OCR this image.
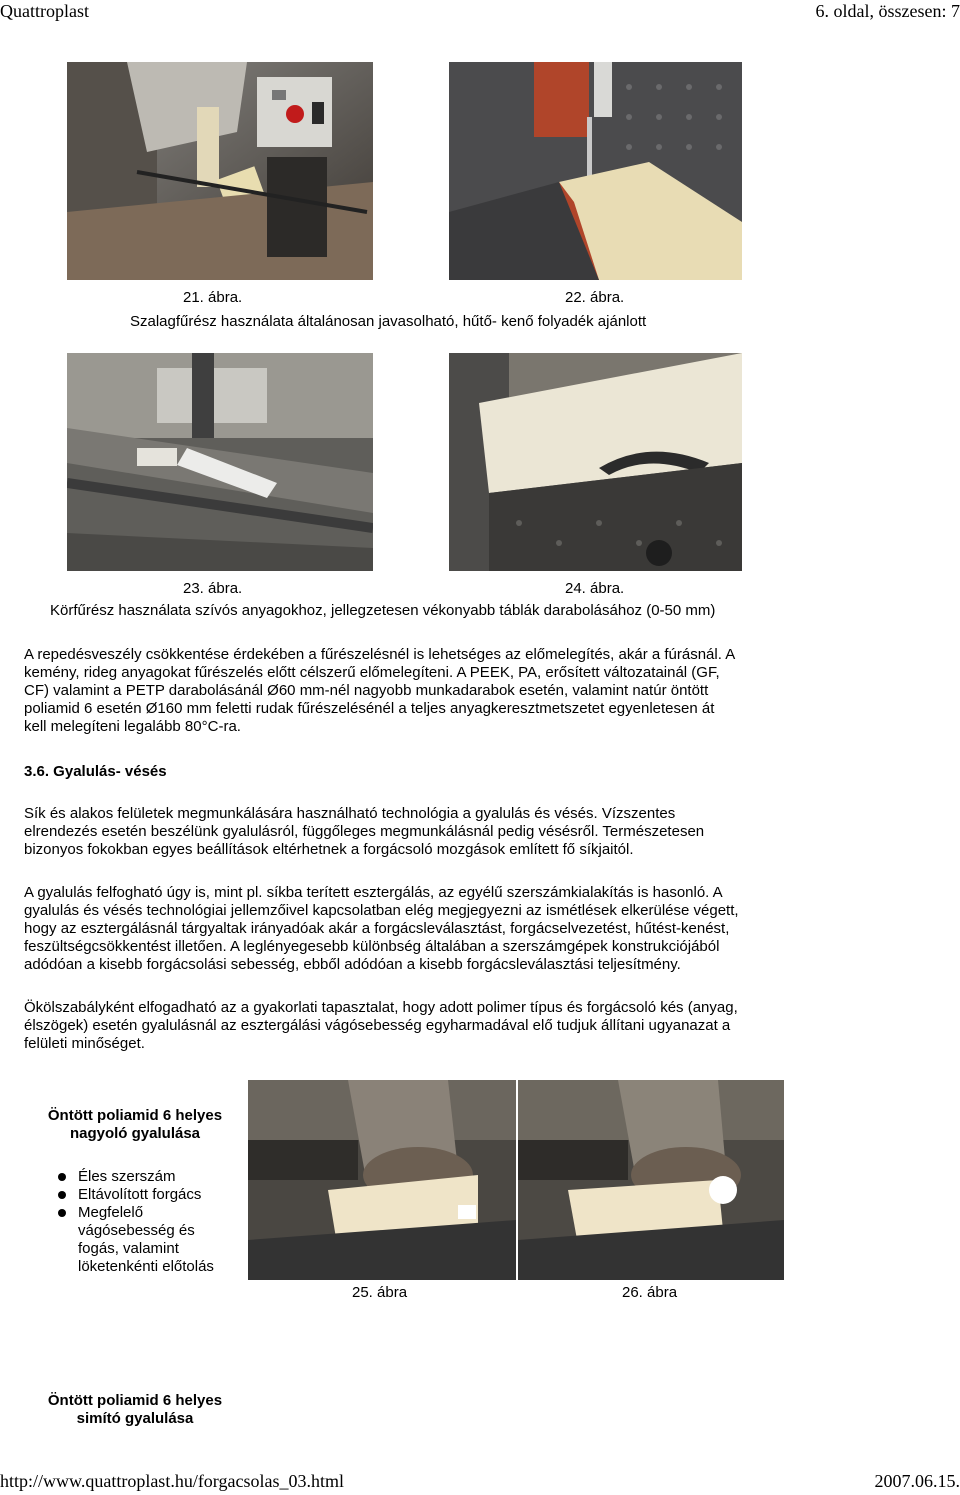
Quattroplast	6. oldal, összesen: 7
21. ábra.	22. ábra.
Szalagfűrész használata általánosan javasolható, hűtő- kenő folyadék ajánlott
23. ábra.	24. ábra.
Körfűrész használata szívós anyagokhoz, jellegzetesen vékonyabb táblák darabolásához (0-50 mm)
A repedésveszély csökkentése érdekében a fűrészelésnél is lehetséges az előmelegítés, akár a fúrásnál. A
kemény, rideg anyagokat fűrészelés előtt célszerű előmelegíteni. A PEEK, PA, erősített változatainál (GF,
CF) valamint a PETP darabolásánál Ø60 mm-nél nagyobb munkadarabok esetén, valamint natúr öntött
poliamid 6 esetén Ø160 mm feletti rudak fűrészelésénél a teljes anyagkeresztmetszetet egyenletesen át
kell melegíteni legalább 80°C-ra.
3.6. Gyalulás- vésés
Sík és alakos felületek megmunkálására használható technológia a gyalulás és vésés. Vízszentes
elrendezés esetén beszélünk gyalulásról, függőleges megmunkálásnál pedig vésésről. Természetesen
bizonyos fokokban egyes beállítások eltérhetnek a forgácsoló mozgások említett fő síkjaitól.
A gyalulás felfogható úgy is, mint pl. síkba terített esztergálás, az egyélű szerszámkialakítás is hasonló. A
gyalulás és vésés technológiai jellemzőivel kapcsolatban elég megjegyezni az ismétlések elkerülése végett,
hogy az esztergálásnál tárgyaltak irányadóak akár a forgácsleválasztást, forgácselvezetést, hűtést-kenést,
feszültségcsökkentést illetően. A leglényegesebb különbség általában a szerszámgépek konstrukciójából
adódóan a kisebb forgácsolási sebesség, ebből adódóan a kisebb forgácsleválasztási teljesítmény.
Ökölszabályként elfogadható az a gyakorlati tapasztalat, hogy adott polimer típus és forgácsoló kés (anyag,
élszögek) esetén gyalulásnál az esztergálási vágósebesség egyharmadával elő tudjuk állítani ugyanazat a
felületi minőséget.
Öntött poliamid 6 helyes
nagyoló gyalulása
Éles szerszám
Eltávolított forgács
Megfelelő vágósebesség és fogás, valamint löketenkénti előtolás
25. ábra	26. ábra
Öntött poliamid 6 helyes
simító gyalulása
http://www.quattroplast.hu/forgacsolas_03.html	2007.06.15.
